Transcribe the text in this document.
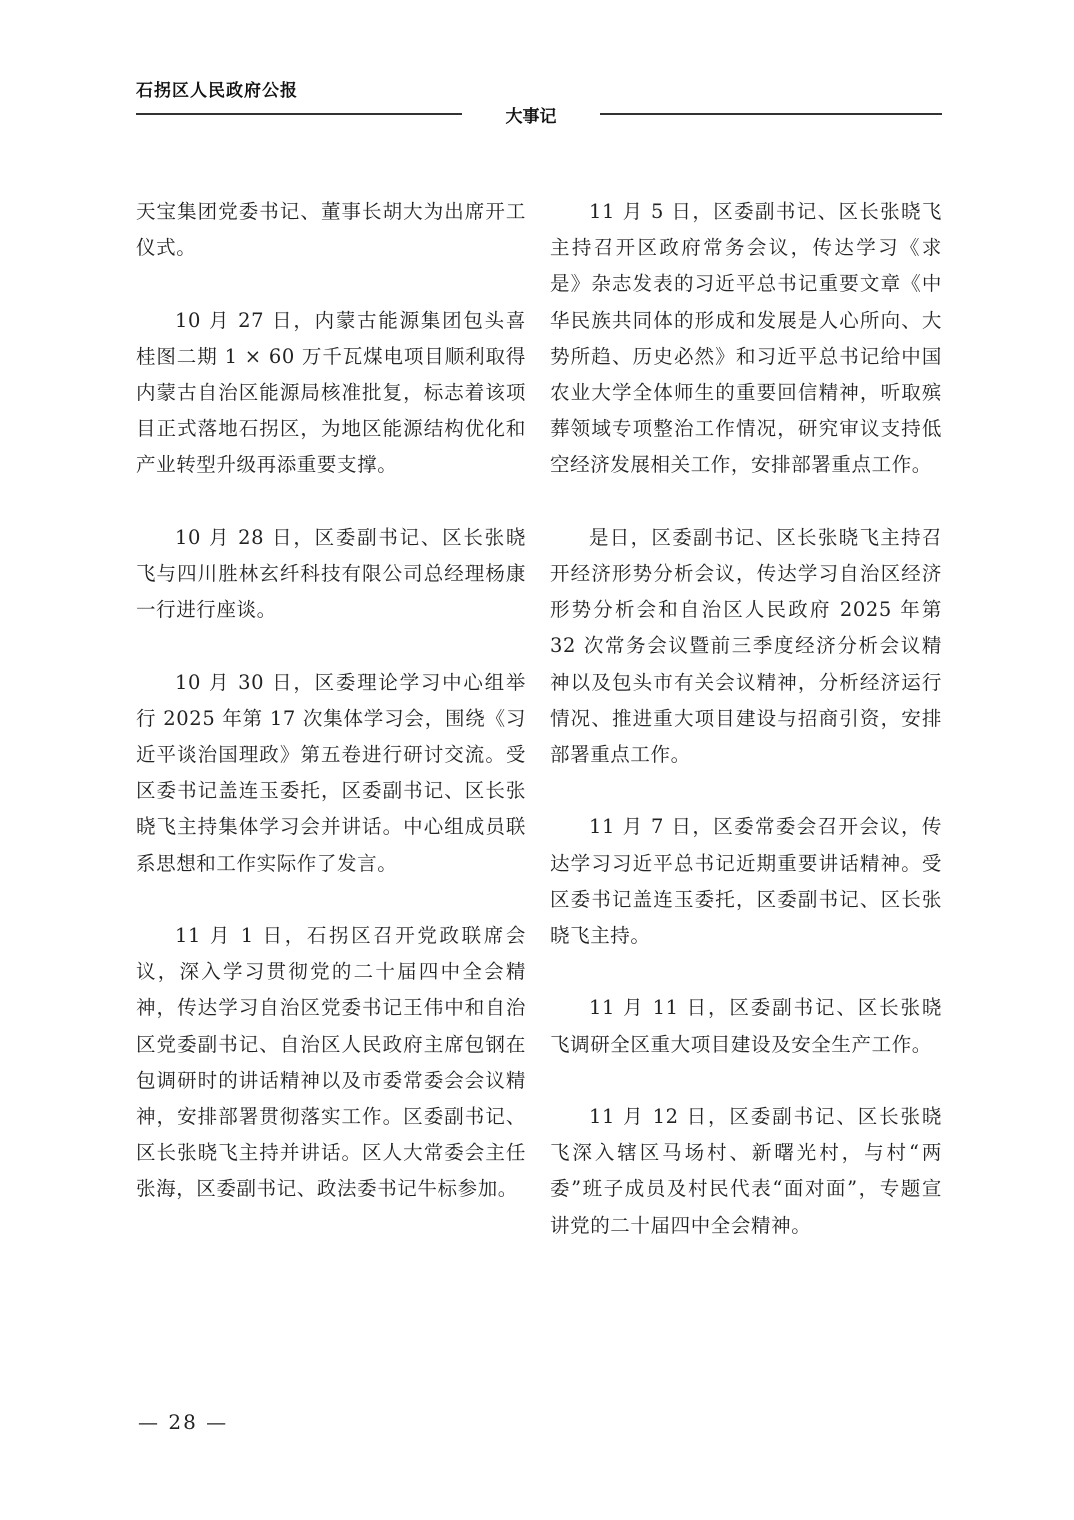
石拐区人民政府公报
大事记

天宝集团党委书记、董事长胡大为出席开工仪式。

10 月 27 日，内蒙古能源集团包头喜桂图二期 1 × 60 万千瓦煤电项目顺利取得内蒙古自治区能源局核准批复，标志着该项目正式落地石拐区，为地区能源结构优化和产业转型升级再添重要支撑。

10 月 28 日，区委副书记、区长张晓飞与四川胜林玄纤科技有限公司总经理杨康一行进行座谈。

10 月 30 日，区委理论学习中心组举行 2025 年第 17 次集体学习会，围绕《习近平谈治国理政》第五卷进行研讨交流。受区委书记盖连玉委托，区委副书记、区长张晓飞主持集体学习会并讲话。中心组成员联系思想和工作实际作了发言。

11 月 1 日，石拐区召开党政联席会议，深入学习贯彻党的二十届四中全会精神，传达学习自治区党委书记王伟中和自治区党委副书记、自治区人民政府主席包钢在包调研时的讲话精神以及市委常委会会议精神，安排部署贯彻落实工作。区委副书记、区长张晓飞主持并讲话。区人大常委会主任张海，区委副书记、政法委书记牛标参加。

11 月 5 日，区委副书记、区长张晓飞主持召开区政府常务会议，传达学习《求是》杂志发表的习近平总书记重要文章《中华民族共同体的形成和发展是人心所向、大势所趋、历史必然》和习近平总书记给中国农业大学全体师生的重要回信精神，听取殡葬领域专项整治工作情况，研究审议支持低空经济发展相关工作，安排部署重点工作。

是日，区委副书记、区长张晓飞主持召开经济形势分析会议，传达学习自治区经济形势分析会和自治区人民政府 2025 年第 32 次常务会议暨前三季度经济分析会议精神以及包头市有关会议精神，分析经济运行情况、推进重大项目建设与招商引资，安排部署重点工作。

11 月 7 日，区委常委会召开会议，传达学习习近平总书记近期重要讲话精神。受区委书记盖连玉委托，区委副书记、区长张晓飞主持。

11 月 11 日，区委副书记、区长张晓飞调研全区重大项目建设及安全生产工作。

11 月 12 日，区委副书记、区长张晓飞深入辖区马场村、新曙光村，与村“两委”班子成员及村民代表“面对面”，专题宣讲党的二十届四中全会精神。

— 28 —
